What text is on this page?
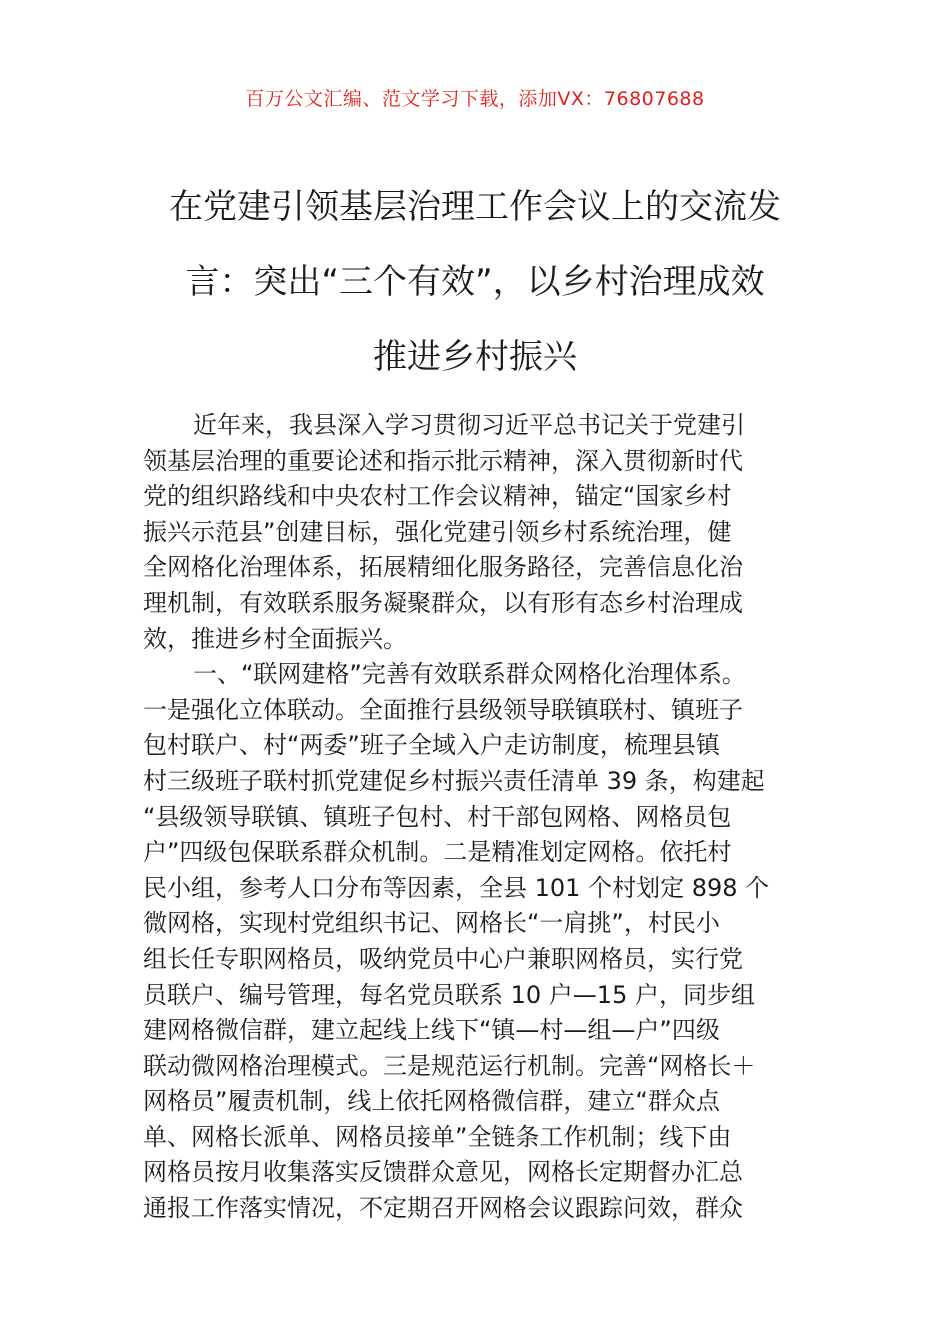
百万公文汇编、范文学习下载，添加VX：76807688
在党建引领基层治理工作会议上的交流发
言：突出“三个有效”，以乡村治理成效
推进乡村振兴
近年来，我县深入学习贯彻习近平总书记关于党建引
领基层治理的重要论述和指示批示精神，深入贯彻新时代
党的组织路线和中央农村工作会议精神，锚定“国家乡村
振兴示范县”创建目标，强化党建引领乡村系统治理，健
全网格化治理体系，拓展精细化服务路径，完善信息化治
理机制，有效联系服务凝聚群众，以有形有态乡村治理成
效，推进乡村全面振兴。
一、“联网建格”完善有效联系群众网格化治理体系。
一是强化立体联动。全面推行县级领导联镇联村、镇班子
包村联户、村“两委”班子全域入户走访制度，梳理县镇
村三级班子联村抓党建促乡村振兴责任清单 39 条，构建起
“县级领导联镇、镇班子包村、村干部包网格、网格员包
户”四级包保联系群众机制。二是精准划定网格。依托村
民小组，参考人口分布等因素，全县 101 个村划定 898 个
微网格，实现村党组织书记、网格长“一肩挑”，村民小
组长任专职网格员，吸纳党员中心户兼职网格员，实行党
员联户、编号管理，每名党员联系 10 户—15 户，同步组
建网格微信群，建立起线上线下“镇—村—组—户”四级
联动微网格治理模式。三是规范运行机制。完善“网格长＋
网格员”履责机制，线上依托网格微信群，建立“群众点
单、网格长派单、网格员接单”全链条工作机制；线下由
网格员按月收集落实反馈群众意见，网格长定期督办汇总
通报工作落实情况，不定期召开网格会议跟踪问效，群众
